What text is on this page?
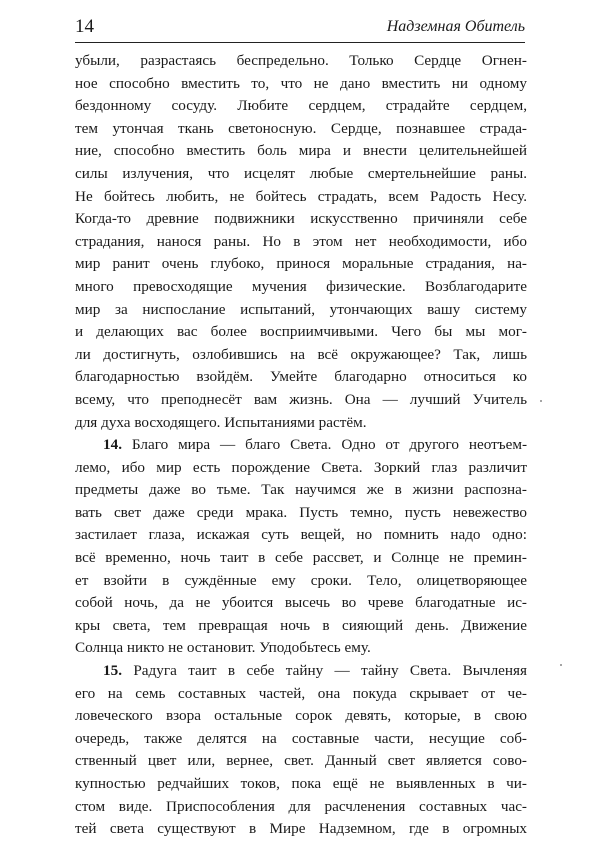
14	Надземная Обитель
убыли, разрастаясь беспредельно. Только Сердце Огнен-
ное способно вместить то, что не дано вместить ни одному
бездонному сосуду. Любите сердцем, страдайте сердцем,
тем утончая ткань светоносную. Сердце, познавшее страда-
ние, способно вместить боль мира и внести целительнейшей
силы излучения, что исцелят любые смертельнейшие раны.
Не бойтесь любить, не бойтесь страдать, всем Радость Несу.
Когда-то древние подвижники искусственно причиняли себе
страдания, нанося раны. Но в этом нет необходимости, ибо
мир ранит очень глубоко, принося моральные страдания, на-
много превосходящие мучения физические. Возблагодарите
мир за ниспослание испытаний, утончающих вашу систему
и делающих вас более восприимчивыми. Чего бы мы мог-
ли достигнуть, озлобившись на всё окружающее? Так, лишь
благодарностью взойдём. Умейте благодарно относиться ко
всему, что преподнесёт вам жизнь. Она — лучший Учитель
для духа восходящего. Испытаниями растём.
14. Благо мира — благо Света. Одно от другого неотъем-
лемо, ибо мир есть порождение Света. Зоркий глаз различит
предметы даже во тьме. Так научимся же в жизни распозна-
вать свет даже среди мрака. Пусть темно, пусть невежество
застилает глаза, искажая суть вещей, но помнить надо одно:
всё временно, ночь таит в себе рассвет, и Солнце не премин-
ет взойти в суждённые ему сроки. Тело, олицетворяющее
собой ночь, да не убоится высечь во чреве благодатные ис-
кры света, тем превращая ночь в сияющий день. Движение
Солнца никто не остановит. Уподобьтесь ему.
15. Радуга таит в себе тайну — тайну Света. Вычленяя
его на семь составных частей, она покуда скрывает от че-
ловеческого взора остальные сорок девять, которые, в свою
очередь, также делятся на составные части, несущие соб-
ственный цвет или, вернее, свет. Данный свет является сово-
купностью редчайших токов, пока ещё не выявленных в чи-
стом виде. Приспособления для расчленения составных час-
тей света существуют в Мире Надземном, где в огромных
